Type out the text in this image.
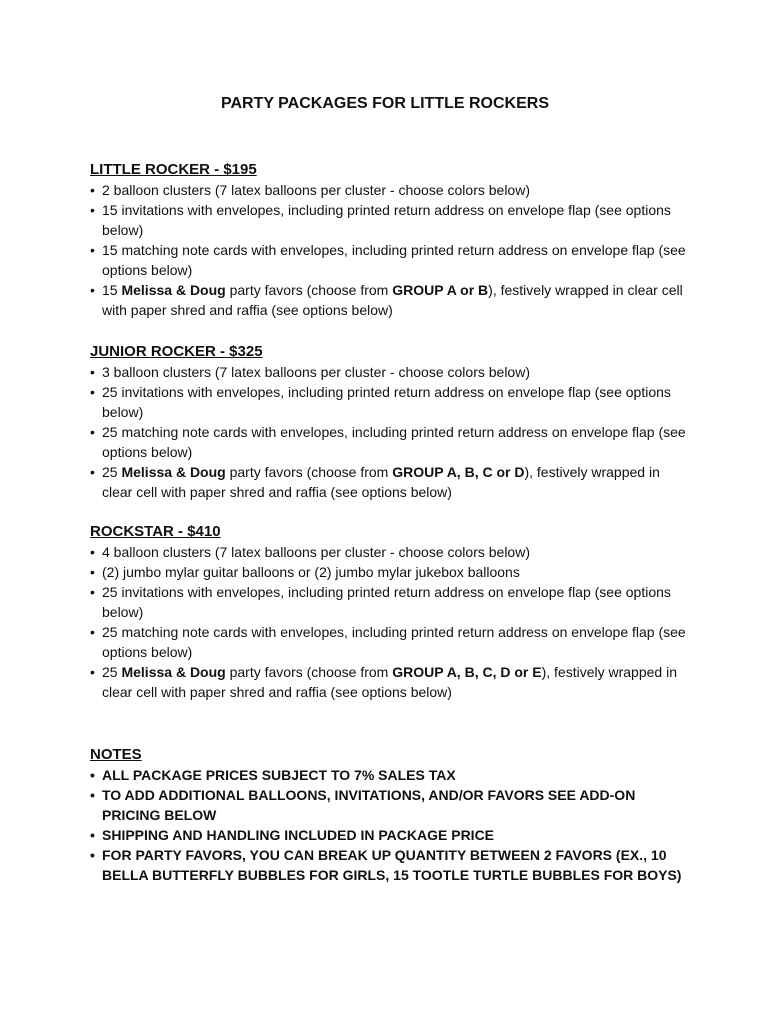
PARTY PACKAGES FOR LITTLE ROCKERS
LITTLE ROCKER - $195
• 2 balloon clusters (7 latex balloons per cluster - choose colors below)
• 15 invitations with envelopes, including printed return address on envelope flap (see options below)
• 15 matching note cards with envelopes, including printed return address on envelope flap (see options below)
• 15 Melissa & Doug party favors (choose from GROUP A or B), festively wrapped in clear cell with paper shred and raffia (see options below)
JUNIOR ROCKER - $325
• 3 balloon clusters (7 latex balloons per cluster - choose colors below)
• 25 invitations with envelopes, including printed return address on envelope flap (see options below)
• 25 matching note cards with envelopes, including printed return address on envelope flap (see options below)
• 25 Melissa & Doug party favors (choose from GROUP A, B, C or D), festively wrapped in clear cell with paper shred and raffia (see options below)
ROCKSTAR - $410
• 4 balloon clusters (7 latex balloons per cluster - choose colors below)
• (2) jumbo mylar guitar balloons or (2) jumbo mylar jukebox balloons
• 25 invitations with envelopes, including printed return address on envelope flap (see options below)
• 25 matching note cards with envelopes, including printed return address on envelope flap (see options below)
• 25 Melissa & Doug party favors (choose from GROUP A, B, C, D or E), festively wrapped in clear cell with paper shred and raffia (see options below)
NOTES
• ALL PACKAGE PRICES SUBJECT TO 7% SALES TAX
• TO ADD ADDITIONAL BALLOONS, INVITATIONS, AND/OR FAVORS SEE ADD-ON PRICING BELOW
• SHIPPING AND HANDLING INCLUDED IN PACKAGE PRICE
• FOR PARTY FAVORS, YOU CAN BREAK UP QUANTITY BETWEEN 2 FAVORS (EX., 10 BELLA BUTTERFLY BUBBLES FOR GIRLS, 15 TOOTLE TURTLE BUBBLES FOR BOYS)
